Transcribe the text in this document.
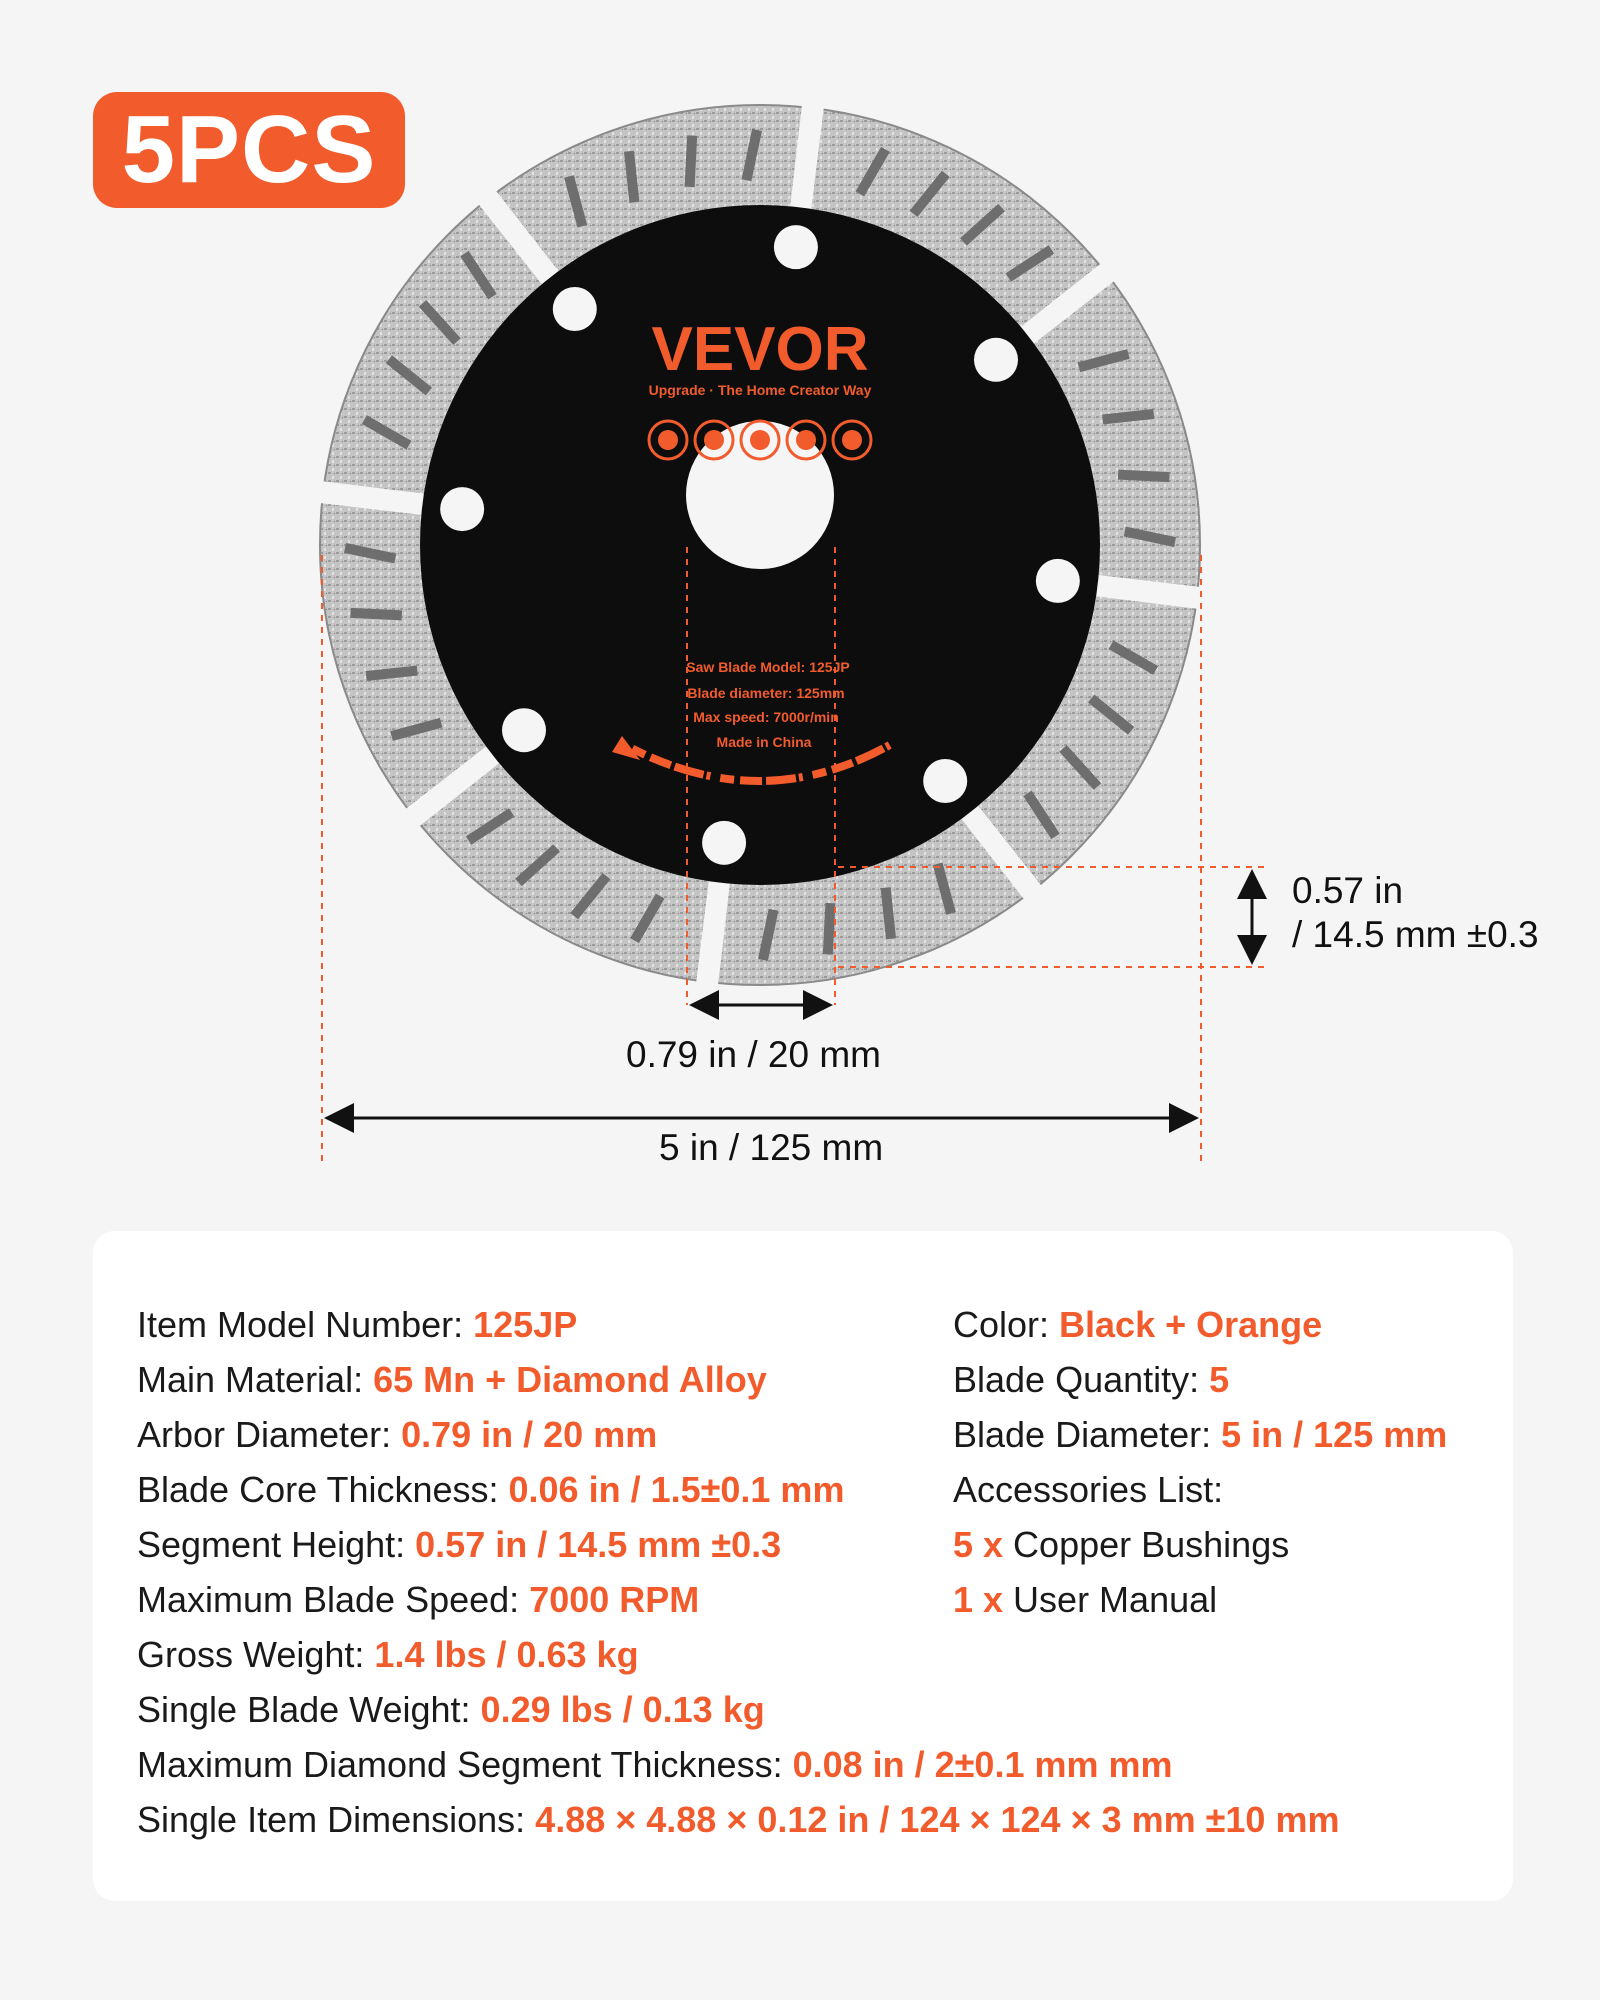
5PCS
VEVOR
Upgrade · The Home Creator Way
Saw Blade Model: 125JP
Blade diameter: 125mm
Max speed: 7000r/min
Made in China
0.57 in
/ 14.5 mm ±0.3
0.79 in / 20 mm
5 in / 125 mm
Item Model Number: 125JP
Main Material: 65 Mn + Diamond Alloy
Arbor Diameter: 0.79 in / 20 mm
Blade Core Thickness: 0.06 in / 1.5±0.1 mm
Segment Height: 0.57 in / 14.5 mm ±0.3
Maximum Blade Speed: 7000 RPM
Gross Weight: 1.4 lbs / 0.63 kg
Single Blade Weight: 0.29 lbs / 0.13 kg
Maximum Diamond Segment Thickness: 0.08 in / 2±0.1 mm mm
Single Item Dimensions: 4.88 × 4.88 × 0.12 in / 124 × 124 × 3 mm ±10 mm
Color: Black + Orange
Blade Quantity: 5
Blade Diameter: 5 in / 125 mm
Accessories List:
5 x Copper Bushings
1 x User Manual
